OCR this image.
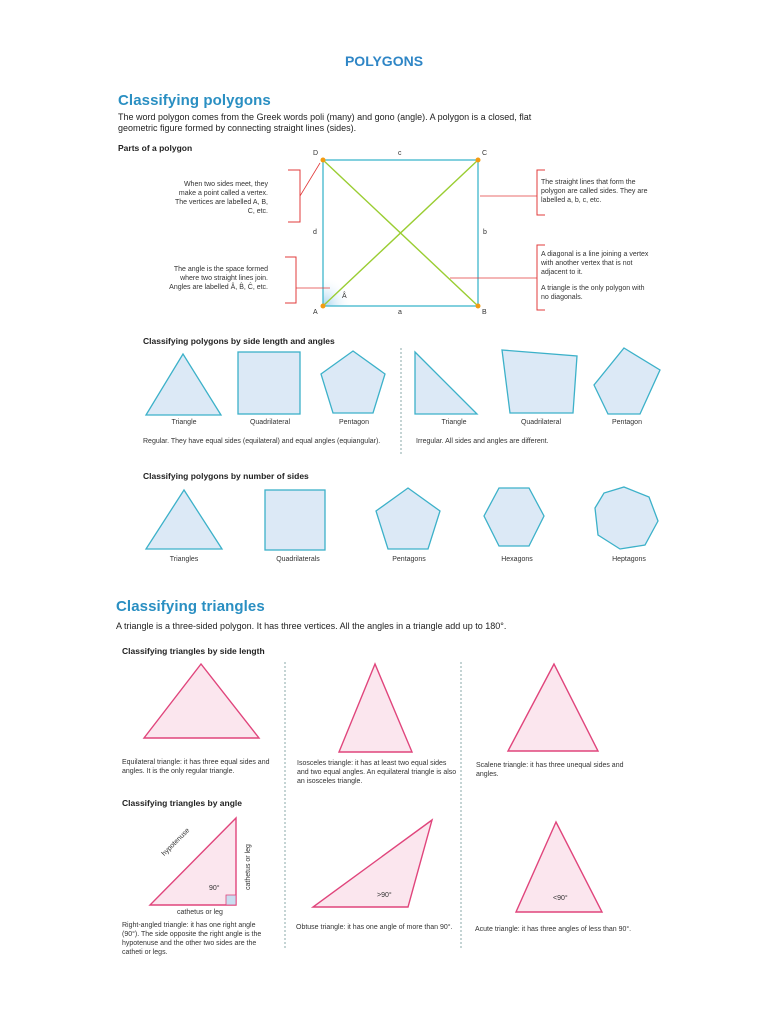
POLYGONS
Classifying polygons
The word polygon comes from the Greek words poli (many) and gono (angle). A polygon is a closed, flat geometric figure formed by connecting straight lines (sides).
Parts of a polygon
When two sides meet, they make a point called a vertex. The vertices are labelled A, B, C, etc.
The angle is the space formed where two straight lines join. Angles are labelled Â, B̂, Ĉ, etc.
The straight lines that form the polygon are called sides. They are labelled a, b, c, etc.
A diagonal is a line joining a vertex with another vertex that is not adjacent to it.
A triangle is the only polygon with no diagonals.
D	C
A	B
c
a
d	b
Â
Classifying polygons by side length and angles
Triangle	Quadrilateral	Pentagon	Triangle	Quadrilateral	Pentagon
Regular. They have equal sides (equilateral) and equal angles (equiangular).	Irregular. All sides and angles are different.
Classifying polygons by number of sides
Triangles	Quadrilaterals	Pentagons	Hexagons	Heptagons
Classifying triangles
A triangle is a three-sided polygon. It has three vertices. All the angles in a triangle add up to 180°.
Classifying triangles by side length
Equilateral triangle: it has three equal sides and angles. It is the only regular triangle.
Isosceles triangle: it has at least two equal sides and two equal angles. An equilateral triangle is also an isosceles triangle.
Scalene triangle: it has three unequal sides and angles.
Classifying triangles by angle
hypotenuse
cathetus or leg
cathetus or leg
90°
>90°	<90°
Right-angled triangle: it has one right angle (90°). The side opposite the right angle is the hypotenuse and the other two sides are the catheti or legs.
Obtuse triangle: it has one angle of more than 90°.	Acute triangle: it has three angles of less than 90°.
